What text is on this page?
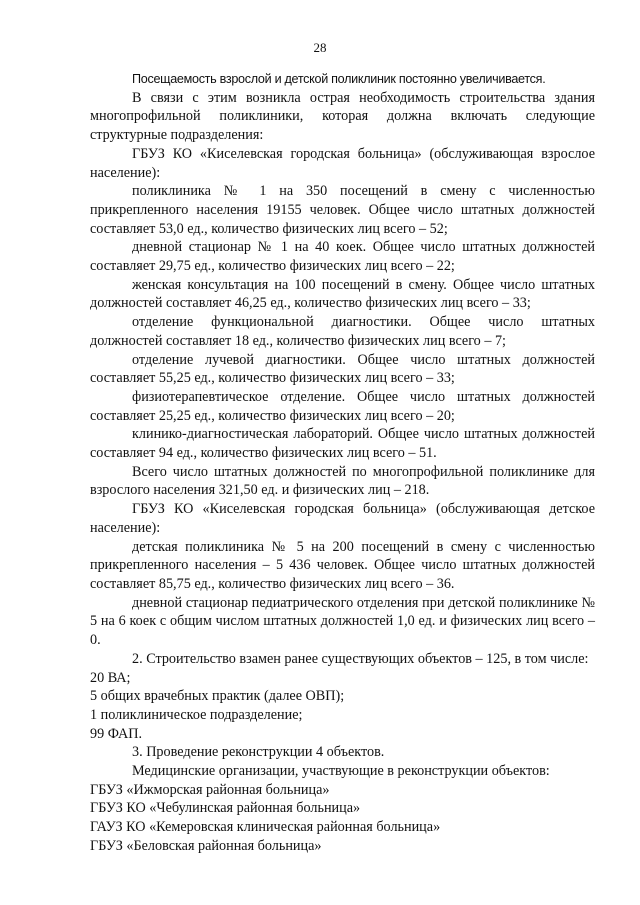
28

Посещаемость взрослой и детской поликлиник постоянно увеличивается.

В связи с этим возникла острая необходимость строительства здания многопрофильной поликлиники, которая должна включать следующие структурные подразделения:

ГБУЗ КО «Киселевская городская больница» (обслуживающая взрослое население):

поликлиника № 1 на 350 посещений в смену с численностью прикрепленного населения 19155 человек. Общее число штатных должностей составляет 53,0 ед., количество физических лиц всего – 52;

дневной стационар № 1 на 40 коек. Общее число штатных должностей составляет 29,75 ед., количество физических лиц всего – 22;

женская консультация на 100 посещений в смену. Общее число штатных должностей составляет 46,25 ед., количество физических лиц всего – 33;

отделение функциональной диагностики. Общее число штатных должностей составляет 18 ед., количество физических лиц всего – 7;

отделение лучевой диагностики. Общее число штатных должностей составляет 55,25 ед., количество физических лиц всего – 33;

физиотерапевтическое отделение. Общее число штатных должностей составляет 25,25 ед., количество физических лиц всего – 20;

клинико-диагностическая лабораторий. Общее число штатных должностей составляет 94 ед., количество физических лиц всего – 51.

Всего число штатных должностей по многопрофильной поликлинике для взрослого населения 321,50 ед. и физических лиц – 218.

ГБУЗ КО «Киселевская городская больница» (обслуживающая детское население):

детская поликлиника № 5 на 200 посещений в смену с численностью прикрепленного населения – 5 436 человек. Общее число штатных должностей составляет 85,75 ед., количество физических лиц всего – 36.

дневной стационар педиатрического отделения при детской поликлинике № 5 на 6 коек с общим числом штатных должностей 1,0 ед. и физических лиц всего – 0.

2. Строительство взамен ранее существующих объектов – 125, в том числе:

20 ВА;

5 общих врачебных практик (далее ОВП);

1 поликлиническое подразделение;

99 ФАП.

3. Проведение реконструкции 4 объектов.

Медицинские организации, участвующие в реконструкции объектов:

ГБУЗ «Ижморская районная больница»

ГБУЗ КО «Чебулинская районная больница»

ГАУЗ КО «Кемеровская клиническая районная больница»

ГБУЗ «Беловская районная больница»
